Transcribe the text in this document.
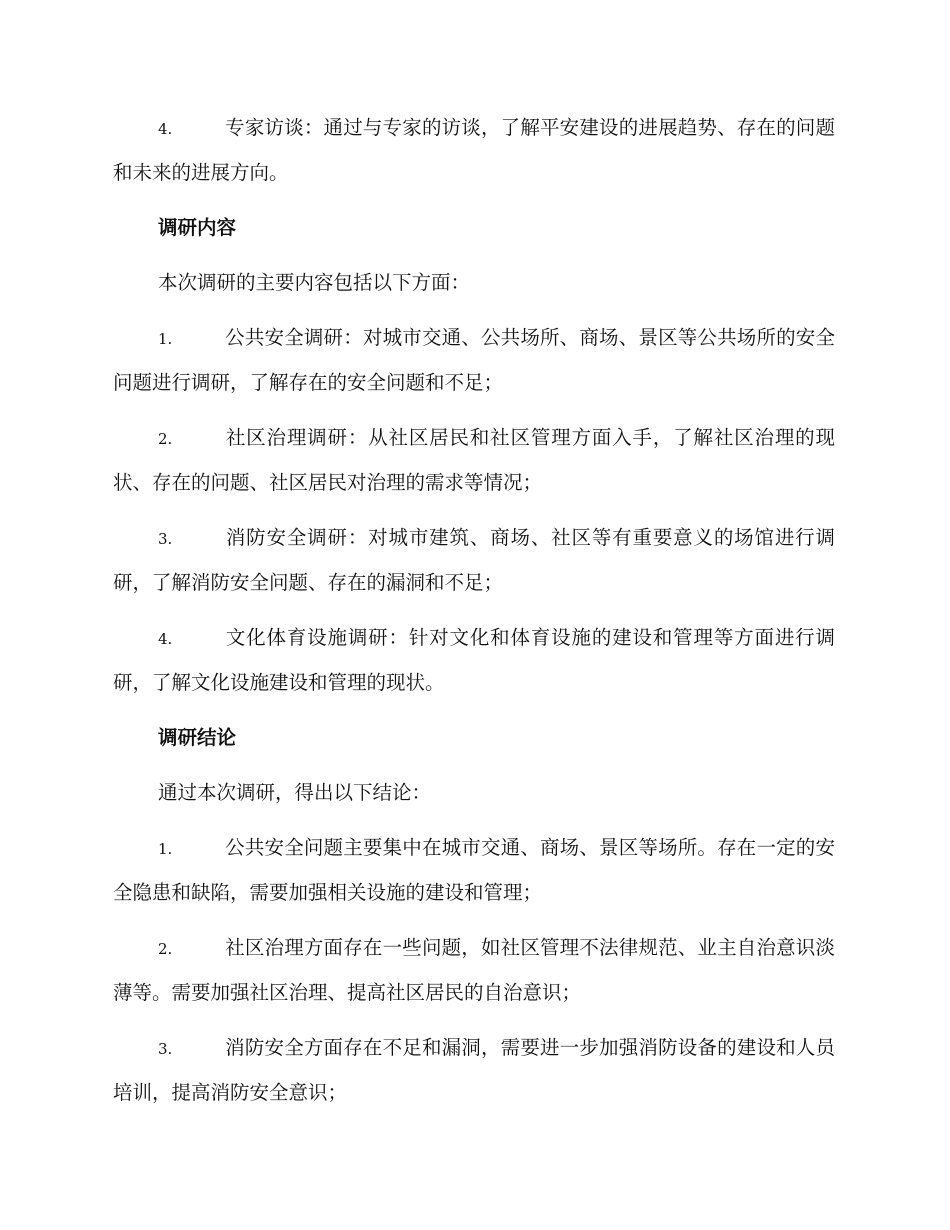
4.	专家访谈：通过与专家的访谈，了解平安建设的进展趋势、存在的问题和未来的进展方向。

调研内容

本次调研的主要内容包括以下方面：

1.	公共安全调研：对城市交通、公共场所、商场、景区等公共场所的安全问题进行调研，了解存在的安全问题和不足；

2.	社区治理调研：从社区居民和社区管理方面入手，了解社区治理的现状、存在的问题、社区居民对治理的需求等情况；

3.	消防安全调研：对城市建筑、商场、社区等有重要意义的场馆进行调研，了解消防安全问题、存在的漏洞和不足；

4.	文化体育设施调研：针对文化和体育设施的建设和管理等方面进行调研，了解文化设施建设和管理的现状。

调研结论

通过本次调研，得出以下结论：

1.	公共安全问题主要集中在城市交通、商场、景区等场所。存在一定的安全隐患和缺陷，需要加强相关设施的建设和管理；

2.	社区治理方面存在一些问题，如社区管理不法律规范、业主自治意识淡薄等。需要加强社区治理、提高社区居民的自治意识；

3.	消防安全方面存在不足和漏洞，需要进一步加强消防设备的建设和人员培训，提高消防安全意识；
